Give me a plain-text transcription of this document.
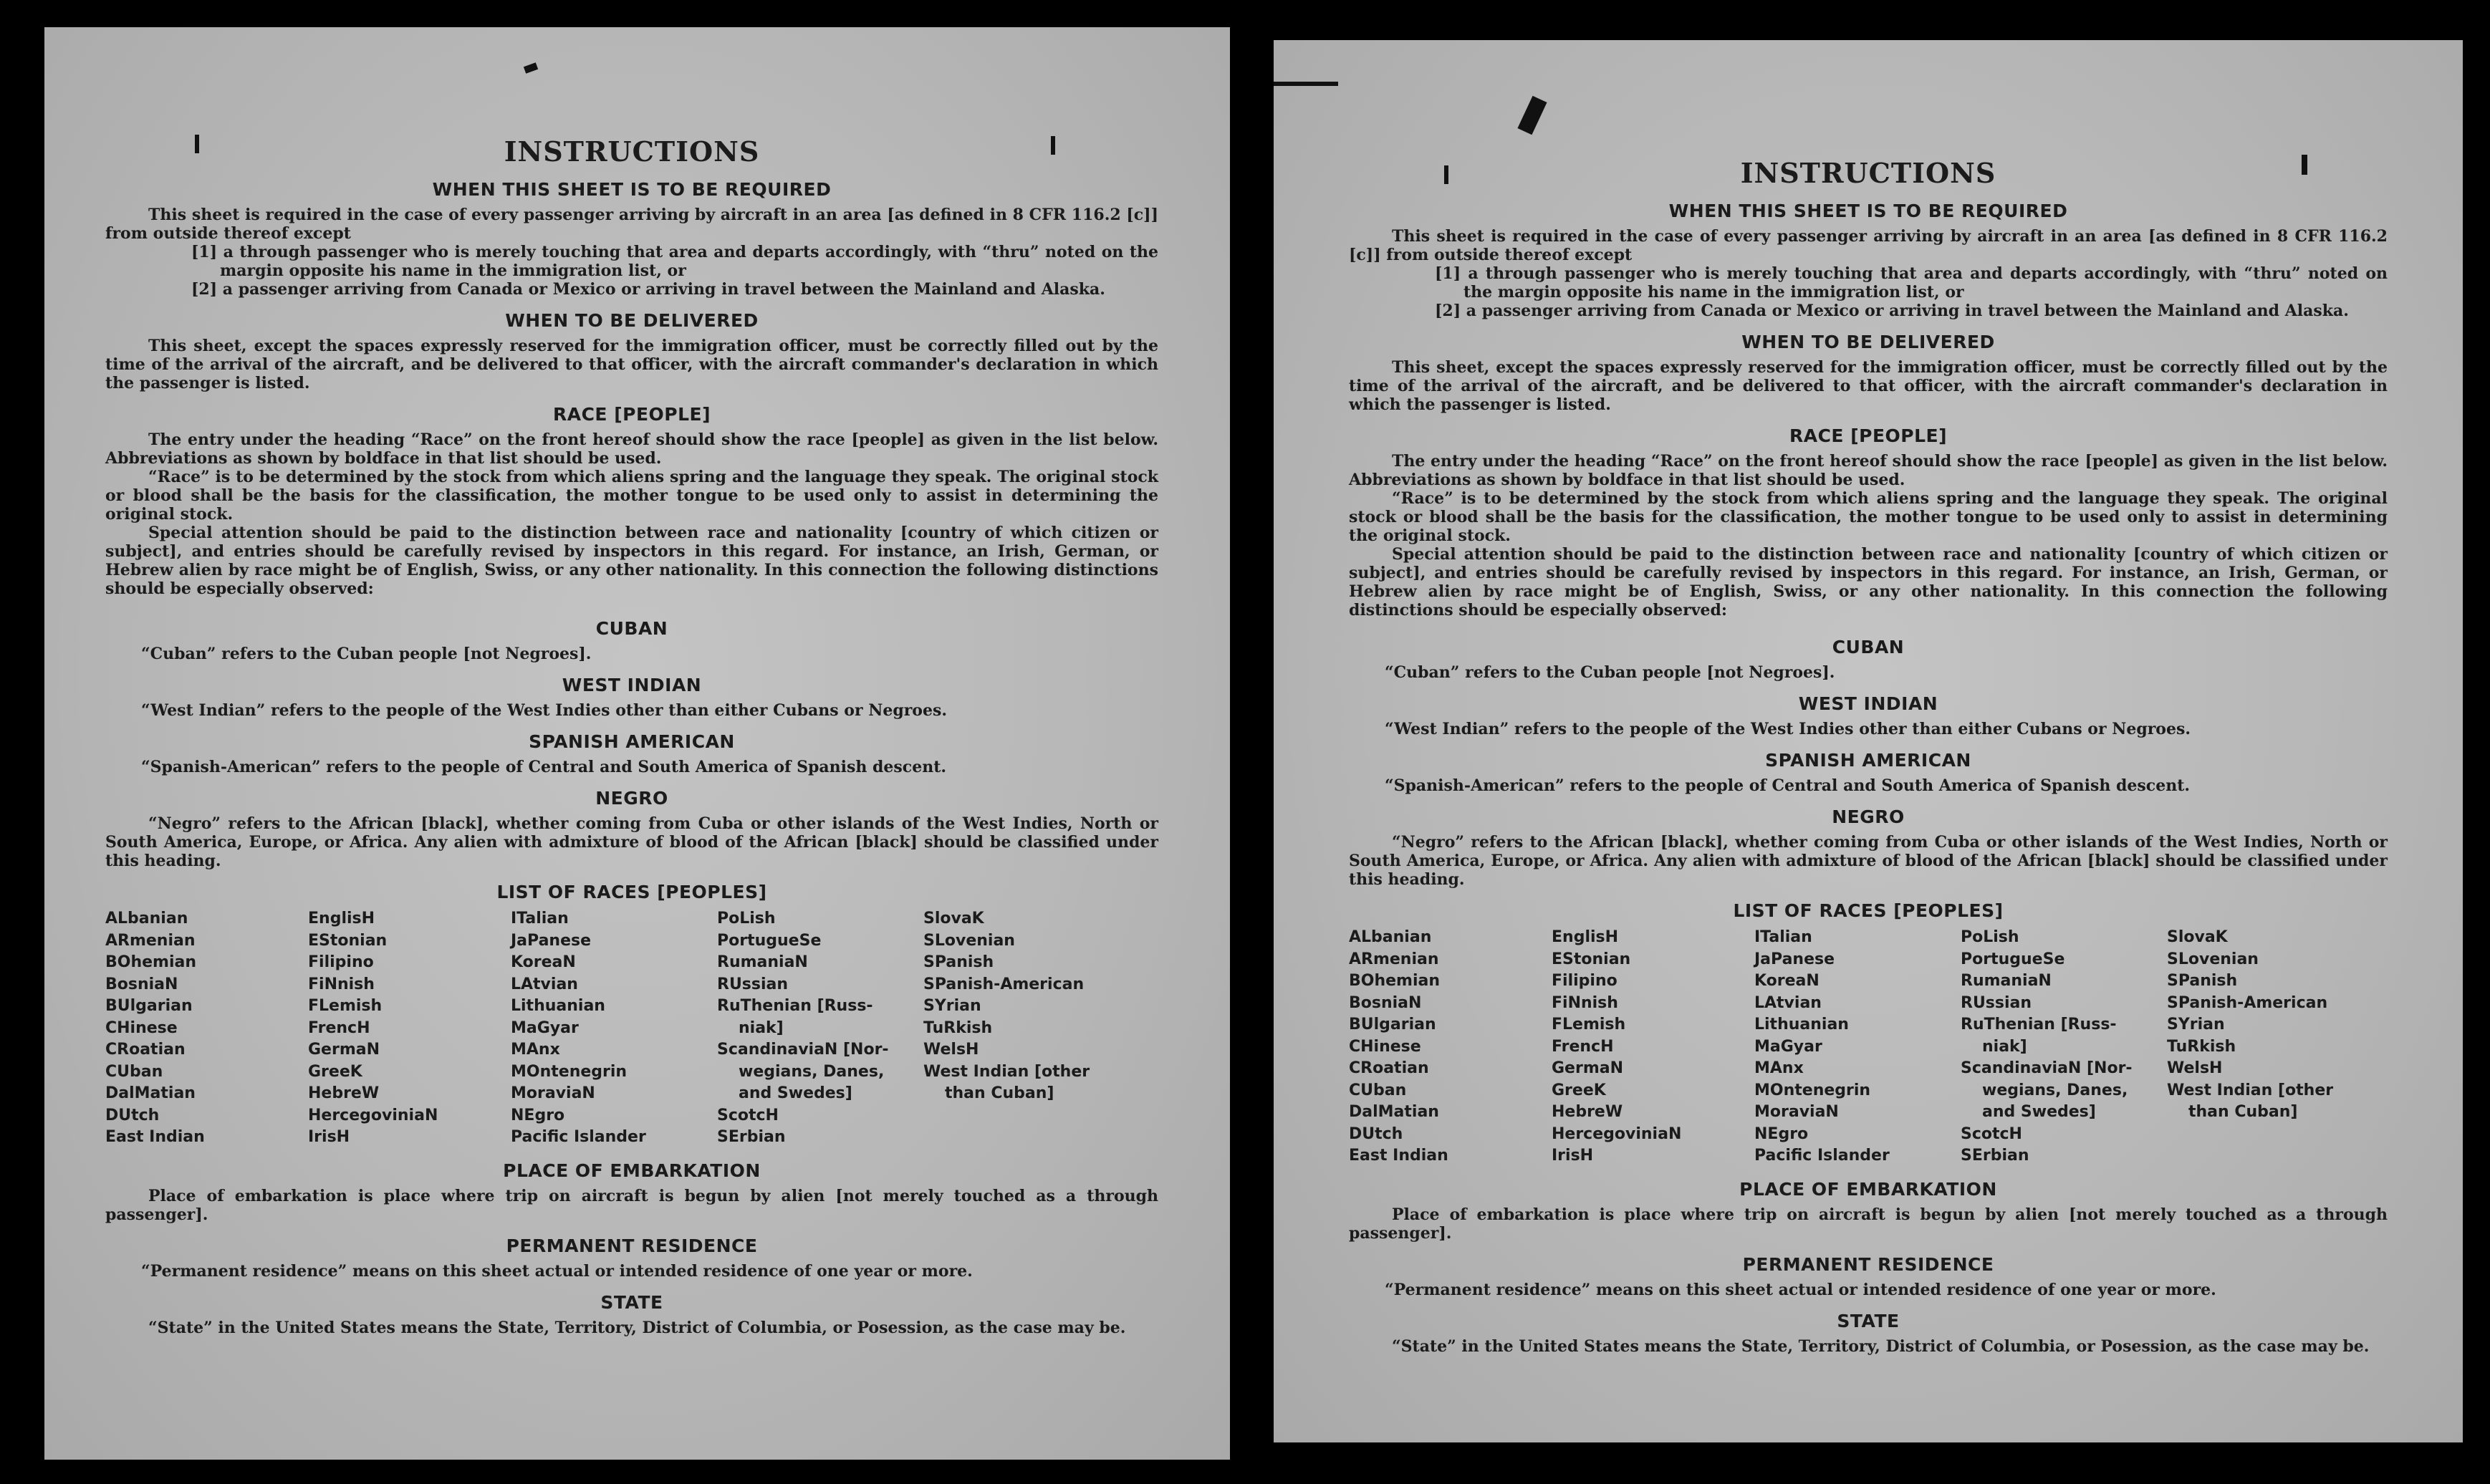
INSTRUCTIONS
WHEN THIS SHEET IS TO BE REQUIRED

This sheet is required in the case of every passenger arriving by aircraft in an area [as defined in 8 CFR 116.2 [c]] from outside thereof except

[1] a through passenger who is merely touching that area and departs accordingly, with “thru” noted on the margin opposite his name in the immigration list, or

[2] a passenger arriving from Canada or Mexico or arriving in travel between the Mainland and Alaska.

WHEN TO BE DELIVERED

This sheet, except the spaces expressly reserved for the immigration officer, must be correctly filled out by the time of the arrival of the aircraft, and be delivered to that officer, with the aircraft commander's declaration in which the passenger is listed.

RACE [PEOPLE]

The entry under the heading “Race” on the front hereof should show the race [people] as given in the list below. Abbreviations as shown by boldface in that list should be used.

“Race” is to be determined by the stock from which aliens spring and the language they speak. The original stock or blood shall be the basis for the classification, the mother tongue to be used only to assist in determining the original stock.

Special attention should be paid to the distinction between race and nationality [country of which citizen or subject], and entries should be carefully revised by inspectors in this regard. For instance, an Irish, German, or Hebrew alien by race might be of English, Swiss, or any other nationality. In this connection the following distinctions should be especially observed:

CUBAN

“Cuban” refers to the Cuban people [not Negroes].

WEST INDIAN

“West Indian” refers to the people of the West Indies other than either Cubans or Negroes.

SPANISH AMERICAN

“Spanish-American” refers to the people of Central and South America of Spanish descent.

NEGRO

“Negro” refers to the African [black], whether coming from Cuba or other islands of the West Indies, North or South America, Europe, or Africa. Any alien with admixture of blood of the African [black] should be classified under this heading.

LIST OF RACES [PEOPLES]
ALbanian
ARmenian
BOhemian
BosniaN
BUlgarian
CHinese
CRoatian
CUban
DalMatian
DUtch
East Indian
EnglisH
EStonian
Filipino
FiNnish
FLemish
FrencH
GermaN
GreeK
HebreW
HercegoviniaN
IrisH
ITalian
JaPanese
KoreaN
LAtvian
Lithuanian
MaGyar
MAnx
MOntenegrin
MoraviaN
NEgro
Pacific Islander
PoLish
PortugueSe
RumaniaN
RUssian
RuThenian [Russ-
niak]
ScandinaviaN [Nor-
wegians, Danes,
and Swedes]
ScotcH
SErbian
SlovaK
SLovenian
SPanish
SPanish-American
SYrian
TuRkish
WelsH
West Indian [other
than Cuban]
PLACE OF EMBARKATION

Place of embarkation is place where trip on aircraft is begun by alien [not merely touched as a through passenger].

PERMANENT RESIDENCE

“Permanent residence” means on this sheet actual or intended residence of one year or more.

STATE

“State” in the United States means the State, Territory, District of Columbia, or Posession, as the case may be.

INSTRUCTIONS
WHEN THIS SHEET IS TO BE REQUIRED

This sheet is required in the case of every passenger arriving by aircraft in an area [as defined in 8 CFR 116.2 [c]] from outside thereof except

[1] a through passenger who is merely touching that area and departs accordingly, with “thru” noted on the margin opposite his name in the immigration list, or

[2] a passenger arriving from Canada or Mexico or arriving in travel between the Mainland and Alaska.

WHEN TO BE DELIVERED

This sheet, except the spaces expressly reserved for the immigration officer, must be correctly filled out by the time of the arrival of the aircraft, and be delivered to that officer, with the aircraft commander's declaration in which the passenger is listed.

RACE [PEOPLE]

The entry under the heading “Race” on the front hereof should show the race [people] as given in the list below. Abbreviations as shown by boldface in that list should be used.

“Race” is to be determined by the stock from which aliens spring and the language they speak. The original stock or blood shall be the basis for the classification, the mother tongue to be used only to assist in determining the original stock.

Special attention should be paid to the distinction between race and nationality [country of which citizen or subject], and entries should be carefully revised by inspectors in this regard. For instance, an Irish, German, or Hebrew alien by race might be of English, Swiss, or any other nationality. In this connection the following distinctions should be especially observed:

CUBAN

“Cuban” refers to the Cuban people [not Negroes].

WEST INDIAN

“West Indian” refers to the people of the West Indies other than either Cubans or Negroes.

SPANISH AMERICAN

“Spanish-American” refers to the people of Central and South America of Spanish descent.

NEGRO

“Negro” refers to the African [black], whether coming from Cuba or other islands of the West Indies, North or South America, Europe, or Africa. Any alien with admixture of blood of the African [black] should be classified under this heading.

LIST OF RACES [PEOPLES]
ALbanian
ARmenian
BOhemian
BosniaN
BUlgarian
CHinese
CRoatian
CUban
DalMatian
DUtch
East Indian
EnglisH
EStonian
Filipino
FiNnish
FLemish
FrencH
GermaN
GreeK
HebreW
HercegoviniaN
IrisH
ITalian
JaPanese
KoreaN
LAtvian
Lithuanian
MaGyar
MAnx
MOntenegrin
MoraviaN
NEgro
Pacific Islander
PoLish
PortugueSe
RumaniaN
RUssian
RuThenian [Russ-
niak]
ScandinaviaN [Nor-
wegians, Danes,
and Swedes]
ScotcH
SErbian
SlovaK
SLovenian
SPanish
SPanish-American
SYrian
TuRkish
WelsH
West Indian [other
than Cuban]
PLACE OF EMBARKATION

Place of embarkation is place where trip on aircraft is begun by alien [not merely touched as a through passenger].

PERMANENT RESIDENCE

“Permanent residence” means on this sheet actual or intended residence of one year or more.

STATE

“State” in the United States means the State, Territory, District of Columbia, or Posession, as the case may be.
